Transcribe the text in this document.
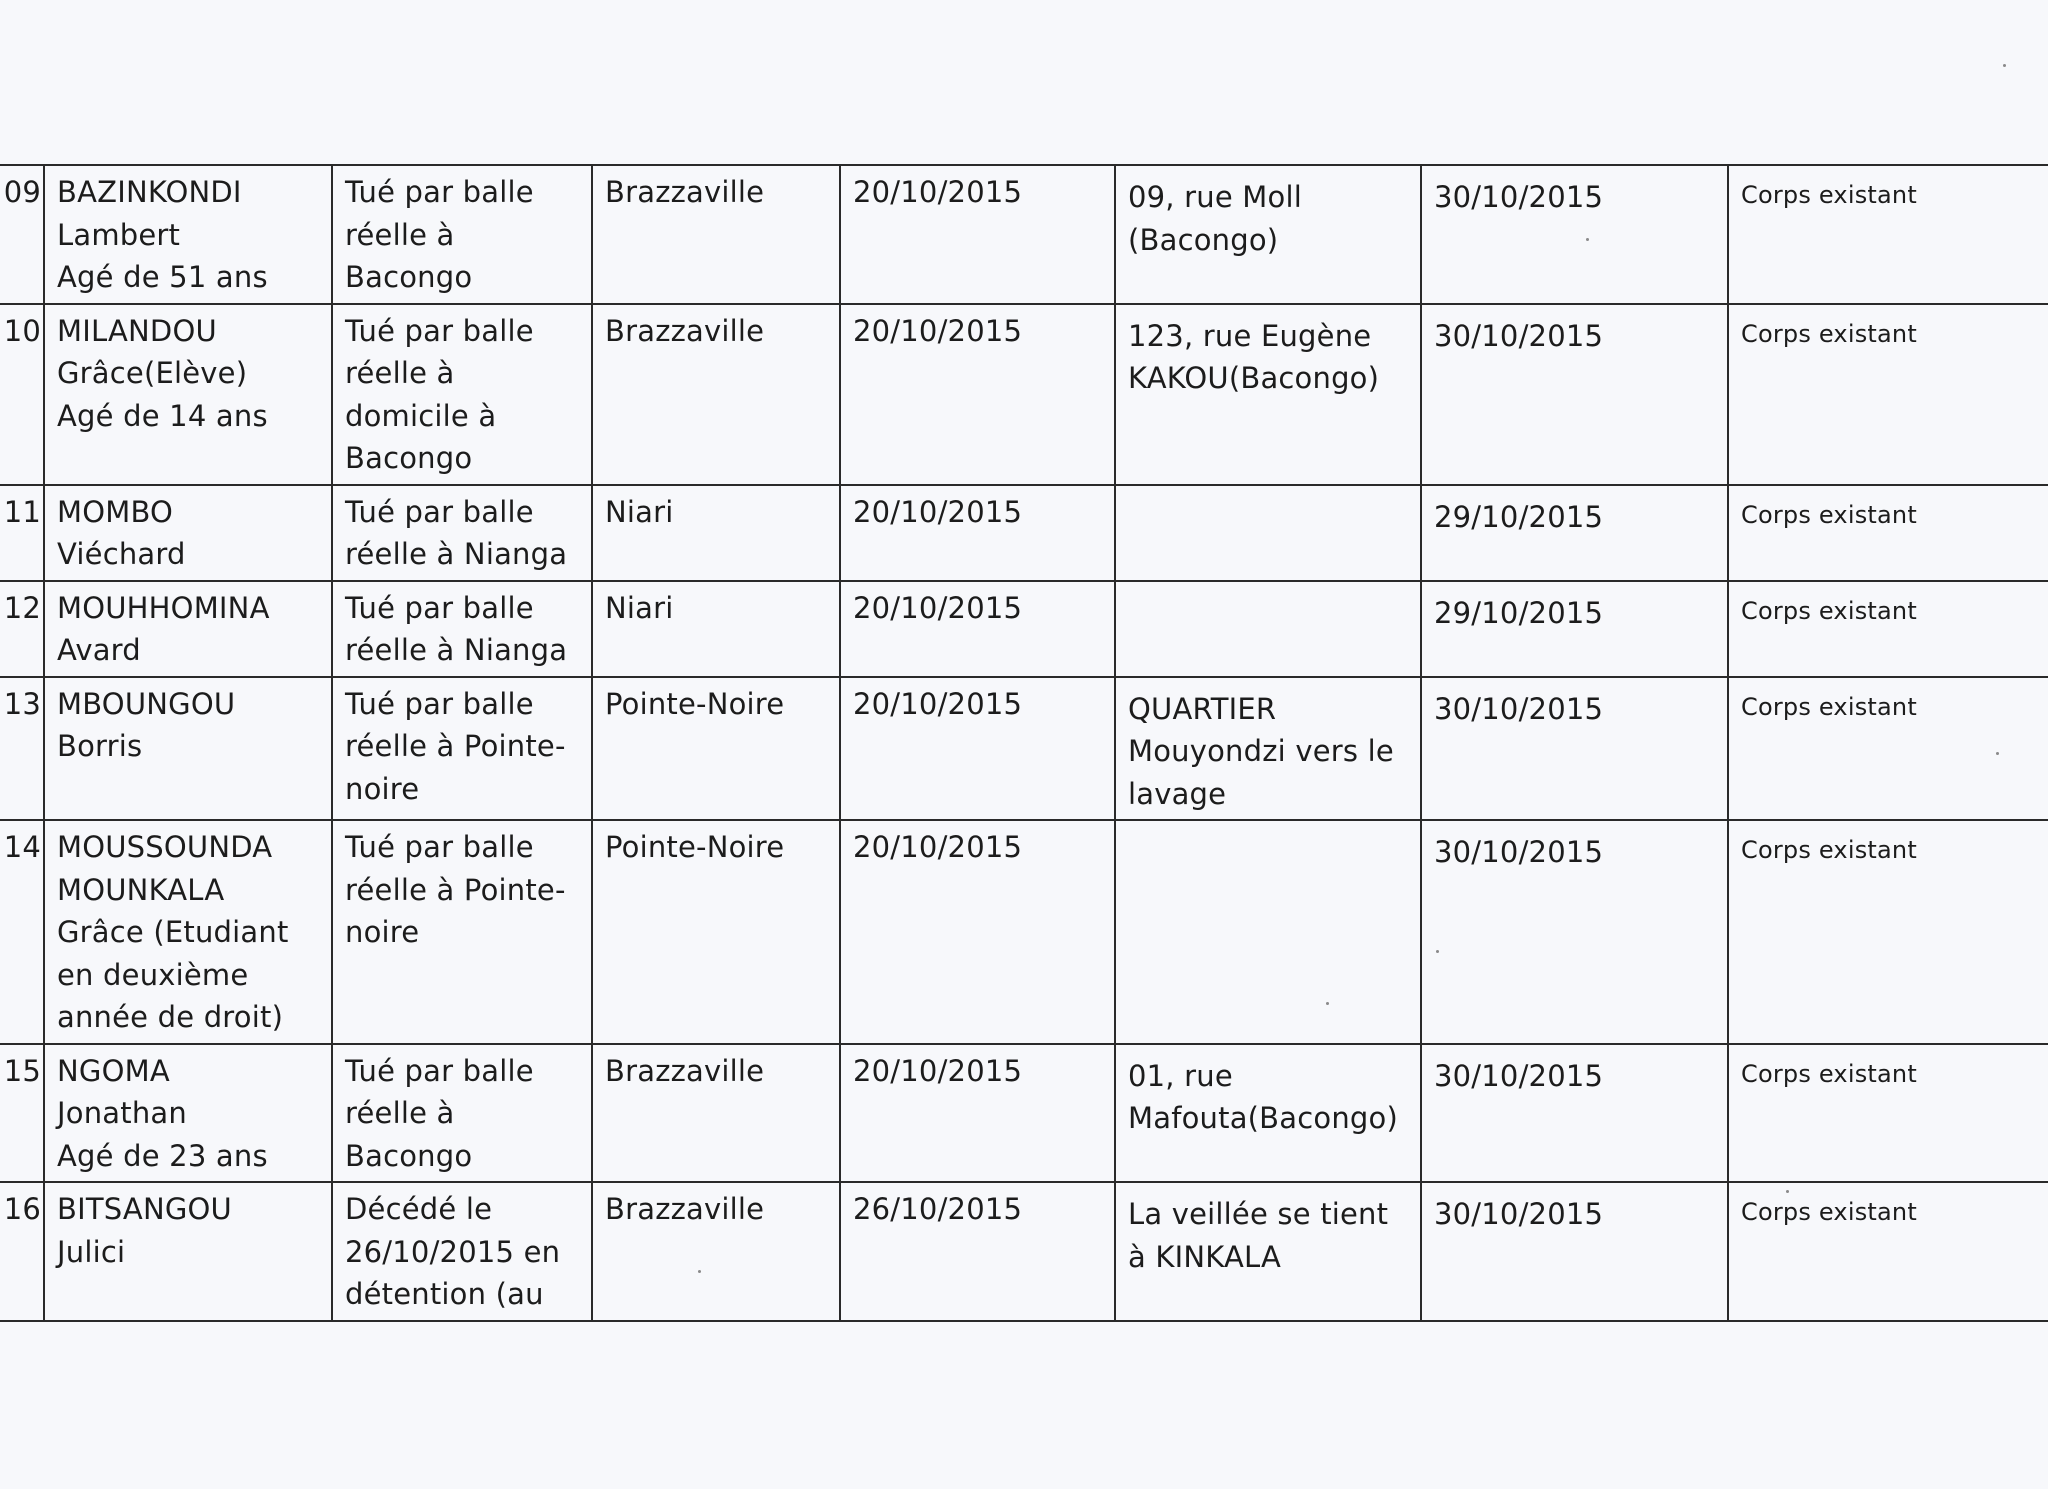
09	BAZINKONDI
Lambert
Agé de 51 ans	Tué par balle réelle à Bacongo	Brazzaville	20/10/2015	09, rue Moll (Bacongo)	30/10/2015	Corps existant
10	MILANDOU
Grâce(Elève)
Agé de 14 ans	Tué par balle réelle à domicile à Bacongo	Brazzaville	20/10/2015	123, rue Eugène KAKOU(Bacongo)	30/10/2015	Corps existant
11	MOMBO
Viéchard	Tué par balle réelle à Nianga	Niari	20/10/2015		29/10/2015	Corps existant
12	MOUHHOMINA
Avard	Tué par balle réelle à Nianga	Niari	20/10/2015		29/10/2015	Corps existant
13	MBOUNGOU
Borris	Tué par balle réelle à Pointe-noire	Pointe-Noire	20/10/2015	QUARTIER Mouyondzi vers le lavage	30/10/2015	Corps existant
14	MOUSSOUNDA
MOUNKALA
Grâce (Etudiant en deuxième année de droit)	Tué par balle réelle à Pointe-noire	Pointe-Noire	20/10/2015		30/10/2015	Corps existant
15	NGOMA
Jonathan
Agé de 23 ans	Tué par balle réelle à Bacongo	Brazzaville	20/10/2015	01, rue Mafouta(Bacongo)	30/10/2015	Corps existant
16	BITSANGOU
Julici	Décédé le 26/10/2015 en détention (au	Brazzaville	26/10/2015	La veillée se tient à KINKALA	30/10/2015	Corps existant
